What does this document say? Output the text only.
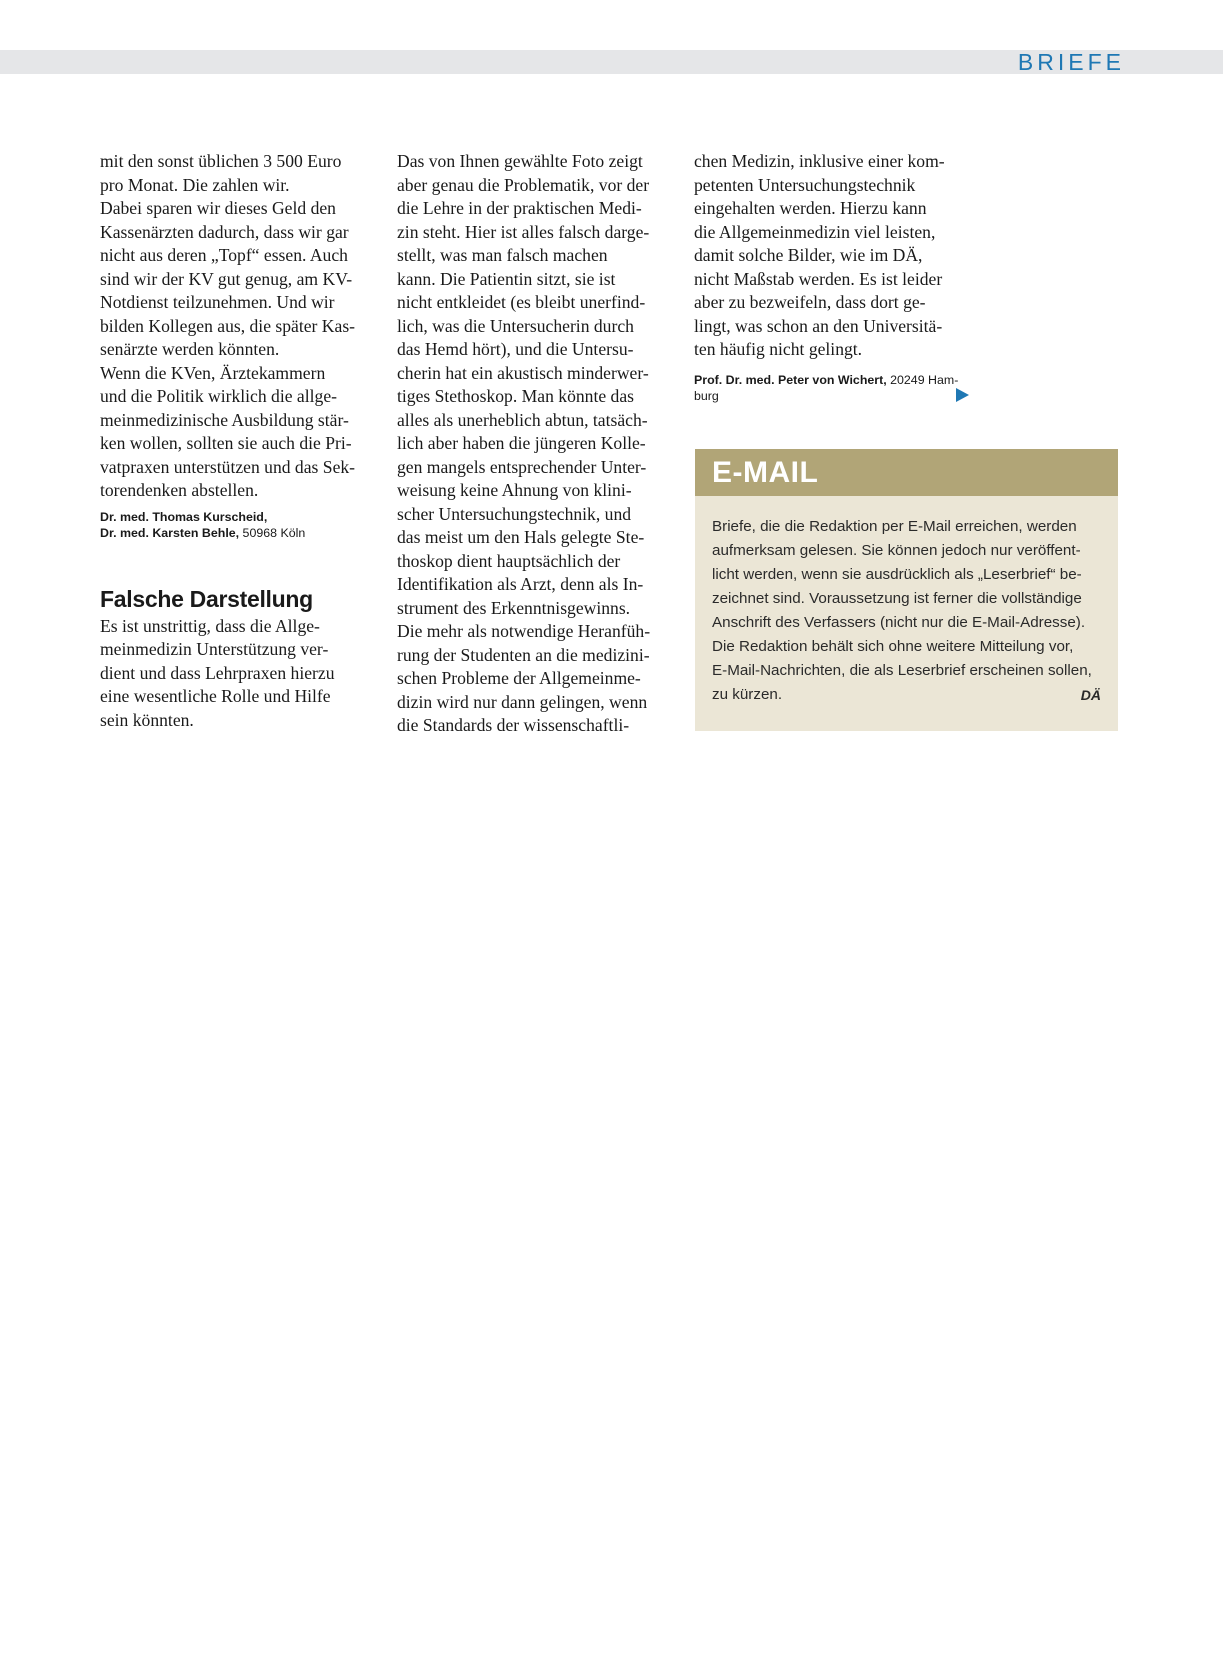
BRIEFE
mit den sonst üblichen 3 500 Euro
pro Monat. Die zahlen wir.
Dabei sparen wir dieses Geld den
Kassenärzten dadurch, dass wir gar
nicht aus deren „Topf“ essen. Auch
sind wir der KV gut genug, am KV-
Notdienst teilzunehmen. Und wir
bilden Kollegen aus, die später Kas-
senärzte werden könnten.
Wenn die KVen, Ärztekammern
und die Politik wirklich die allge-
meinmedizinische Ausbildung stär-
ken wollen, sollten sie auch die Pri-
vatpraxen unterstützen und das Sek-
torendenken abstellen.
Dr. med. Thomas Kurscheid,
Dr. med. Karsten Behle, 50968 Köln
Falsche Darstellung
Es ist unstrittig, dass die Allge-
meinmedizin Unterstützung ver-
dient und dass Lehrpraxen hierzu
eine wesentliche Rolle und Hilfe
sein könnten.
Das von Ihnen gewählte Foto zeigt
aber genau die Problematik, vor der
die Lehre in der praktischen Medi-
zin steht. Hier ist alles falsch darge-
stellt, was man falsch machen
kann. Die Patientin sitzt, sie ist
nicht entkleidet (es bleibt unerfind-
lich, was die Untersucherin durch
das Hemd hört), und die Untersu-
cherin hat ein akustisch minderwer-
tiges Stethoskop. Man könnte das
alles als unerheblich abtun, tatsäch-
lich aber haben die jüngeren Kolle-
gen mangels entsprechender Unter-
weisung keine Ahnung von klini-
scher Untersuchungstechnik, und
das meist um den Hals gelegte Ste-
thoskop dient hauptsächlich der
Identifikation als Arzt, denn als In-
strument des Erkenntnisgewinns.
Die mehr als notwendige Heranfüh-
rung der Studenten an die medizini-
schen Probleme der Allgemeinme-
dizin wird nur dann gelingen, wenn
die Standards der wissenschaftli-
chen Medizin, inklusive einer kom-
petenten Untersuchungstechnik
eingehalten werden. Hierzu kann
die Allgemeinmedizin viel leisten,
damit solche Bilder, wie im DÄ,
nicht Maßstab werden. Es ist leider
aber zu bezweifeln, dass dort ge-
lingt, was schon an den Universitä-
ten häufig nicht gelingt.
Prof. Dr. med. Peter von Wichert, 20249 Ham-
burg
E-MAIL
Briefe, die die Redaktion per E-Mail erreichen, werden
aufmerksam gelesen. Sie können jedoch nur veröffent-
licht werden, wenn sie ausdrücklich als „Leserbrief“ be-
zeichnet sind. Voraussetzung ist ferner die vollständige
Anschrift des Verfassers (nicht nur die E-Mail-Adresse).
Die Redaktion behält sich ohne weitere Mitteilung vor,
E-Mail-Nachrichten, die als Leserbrief erscheinen sollen,
zu kürzen.	DÄ
